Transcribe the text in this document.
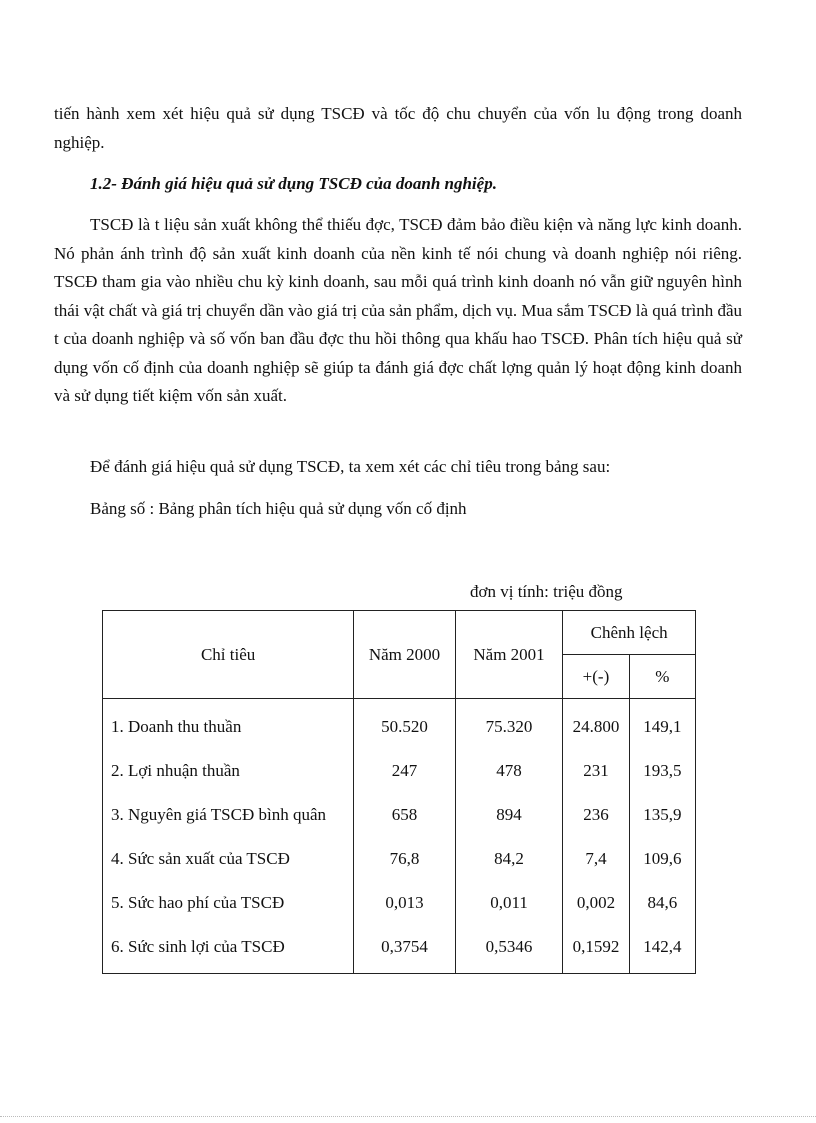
tiến hành xem xét hiệu quả sử dụng TSCĐ và tốc độ chu chuyển của vốn lu động trong doanh nghiệp.

1.2- Đánh giá hiệu quả sử dụng TSCĐ của doanh nghiệp.

TSCĐ là t liệu sản xuất không thể thiếu đợc, TSCĐ đảm bảo điều kiện và năng lực kinh doanh. Nó phản ánh trình độ sản xuất kinh doanh của nền kinh tế nói chung và doanh nghiệp nói riêng. TSCĐ tham gia vào nhiều chu kỳ kinh doanh, sau mỗi quá trình kinh doanh nó vẫn giữ nguyên hình thái vật chất và giá trị chuyển dần vào giá trị của sản phẩm, dịch vụ. Mua sắm TSCĐ là quá trình đầu t của doanh nghiệp và số vốn ban đầu đợc thu hồi thông qua khấu hao TSCĐ. Phân tích hiệu quả sử dụng vốn cố định của doanh nghiệp sẽ giúp ta đánh giá đợc chất lợng quản lý hoạt động kinh doanh và sử dụng tiết kiệm vốn sản xuất.

Để đánh giá hiệu quả sử dụng TSCĐ, ta xem xét các chỉ tiêu trong bảng sau:

Bảng số : Bảng phân tích hiệu quả sử dụng vốn cố định

đơn vị tính: triệu đồng

Chỉ tiêu	Năm 2000	Năm 2001	Chênh lệch	
			+(-)	%
1. Doanh thu thuần	50.520	75.320	24.800	149,1
2. Lợi nhuận thuần	247	478	231	193,5
3. Nguyên giá TSCĐ bình quân	658	894	236	135,9
4. Sức sản xuất của TSCĐ	76,8	84,2	7,4	109,6
5. Sức hao phí của TSCĐ	0,013	0,011	0,002	84,6
6. Sức sinh lợi của TSCĐ	0,3754	0,5346	0,1592	142,4
